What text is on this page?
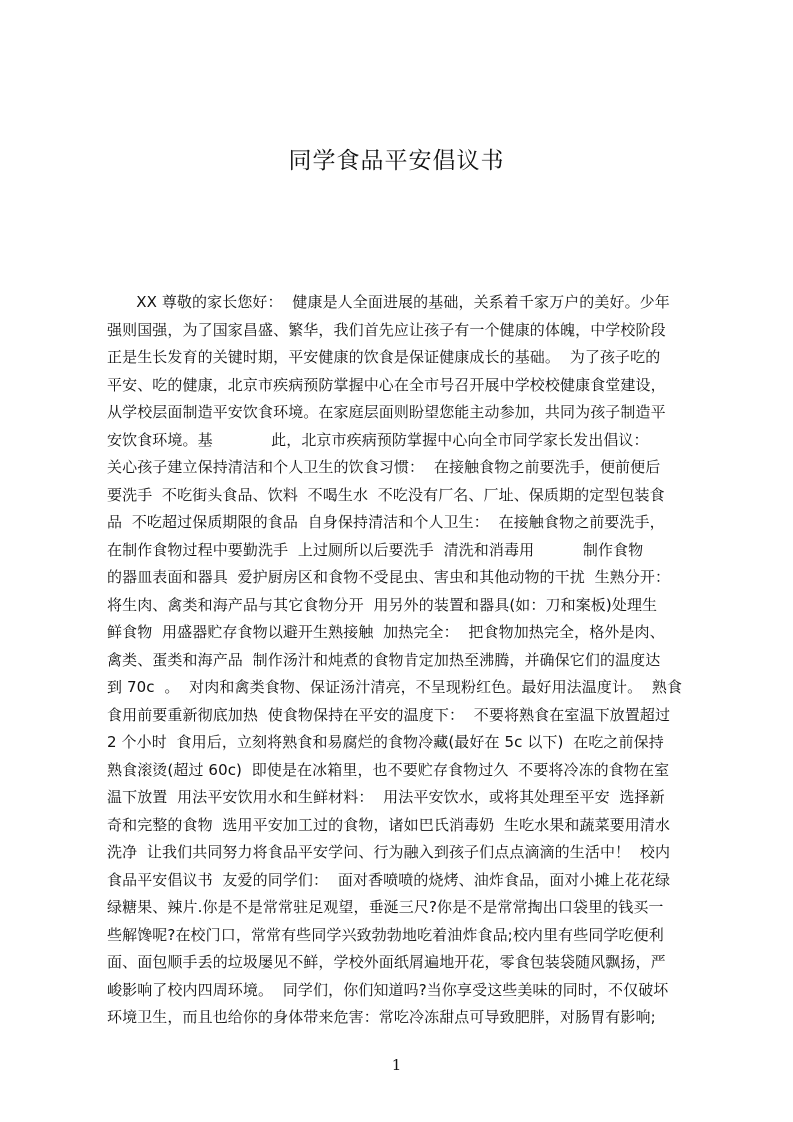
同学食品平安倡议书
XX 尊敬的家长您好：  健康是人全面进展的基础，关系着千家万户的美好。少年
强则国强，为了国家昌盛、繁华，我们首先应让孩子有一个健康的体魄，中学校阶段
正是生长发育的关键时期，平安健康的饮食是保证健康成长的基础。  为了孩子吃的
平安、吃的健康，北京市疾病预防掌握中心在全市号召开展中学校校健康食堂建设，
从学校层面制造平安饮食环境。在家庭层面则盼望您能主动参加，共同为孩子制造平
安饮食环境。基            此，北京市疾病预防掌握中心向全市同学家长发出倡议：
关心孩子建立保持清洁和个人卫生的饮食习惯：  在接触食物之前要洗手，便前便后
要洗手  不吃街头食品、饮料  不喝生水  不吃没有厂名、厂址、保质期的定型包装食
品  不吃超过保质期限的食品  自身保持清洁和个人卫生：  在接触食物之前要洗手，
在制作食物过程中要勤洗手  上过厕所以后要洗手  清洗和消毒用          制作食物
的器皿表面和器具  爱护厨房区和食物不受昆虫、害虫和其他动物的干扰  生熟分开：
将生肉、禽类和海产品与其它食物分开  用另外的装置和器具(如：刀和案板)处理生
鲜食物  用盛器贮存食物以避开生熟接触  加热完全：  把食物加热完全，格外是肉、
禽类、蛋类和海产品  制作汤汁和炖煮的食物肯定加热至沸腾，并确保它们的温度达
到 70c  。  对肉和禽类食物、保证汤汁清亮，不呈现粉红色。最好用法温度计。  熟食
食用前要重新彻底加热  使食物保持在平安的温度下：  不要将熟食在室温下放置超过
2 个小时  食用后，立刻将熟食和易腐烂的食物冷藏(最好在 5c 以下)  在吃之前保持
熟食滚烫(超过 60c)  即使是在冰箱里，也不要贮存食物过久  不要将冷冻的食物在室
温下放置  用法平安饮用水和生鲜材料：  用法平安饮水，或将其处理至平安  选择新
奇和完整的食物  选用平安加工过的食物，诸如巴氏消毒奶  生吃水果和蔬菜要用清水
洗净  让我们共同努力将食品平安学问、行为融入到孩子们点点滴滴的生活中！  校内
食品平安倡议书  友爱的同学们：  面对香喷喷的烧烤、油炸食品，面对小摊上花花绿
绿糖果、辣片.你是不是常常驻足观望，垂涎三尺?你是不是常常掏出口袋里的钱买一
些解馋呢?在校门口，常常有些同学兴致勃勃地吃着油炸食品;校内里有些同学吃便利
面、面包顺手丢的垃圾屡见不鲜，学校外面纸屑遍地开花，零食包装袋随风飘扬，严
峻影响了校内四周环境。  同学们，你们知道吗?当你享受这些美味的同时，不仅破坏
环境卫生，而且也给你的身体带来危害：常吃冷冻甜点可导致肥胖，对肠胃有影响;
1
